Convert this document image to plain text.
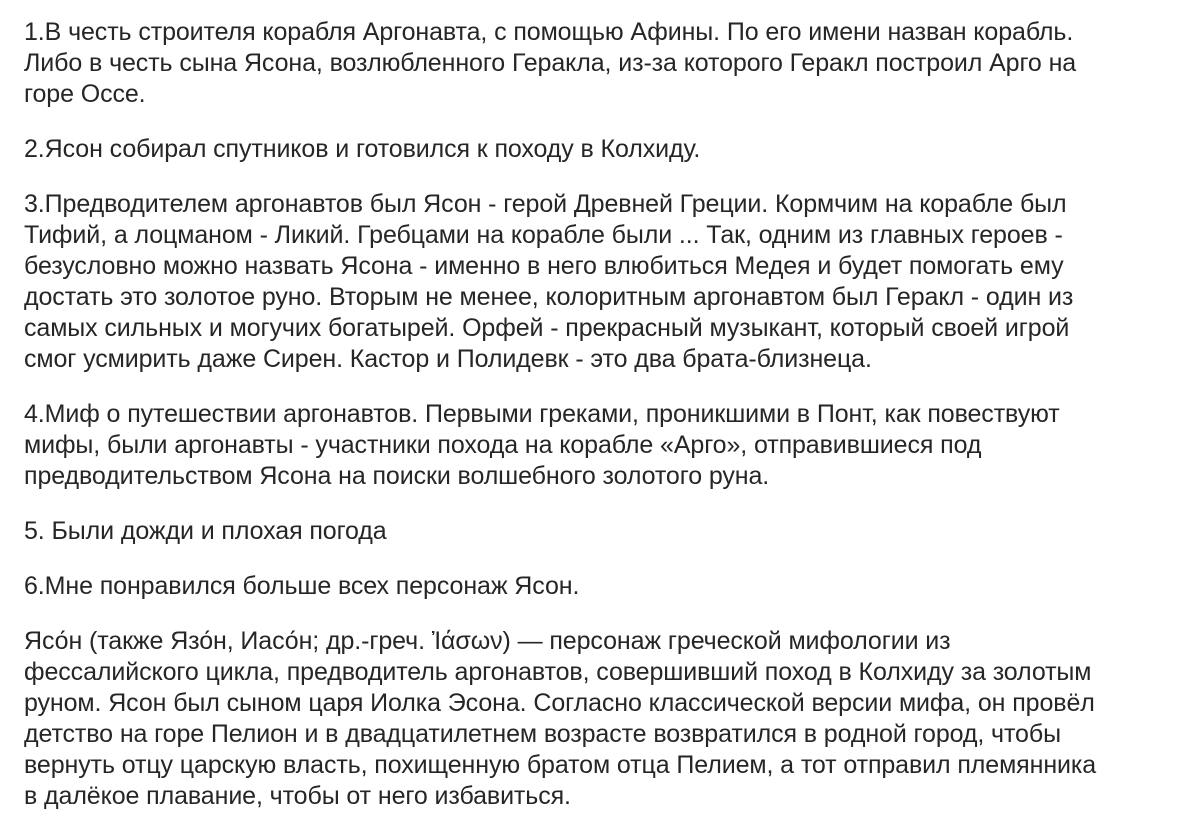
1.В честь строителя корабля Аргонавта, с помощью Афины. По его имени назван корабль.
Либо в честь сына Ясона, возлюбленного Геракла, из-за которого Геракл построил Арго на
горе Оссе.

2.Ясон собирал спутников и готовился к походу в Колхиду.

3.Предводителем аргонавтов был Ясон - герой Древней Греции. Кормчим на корабле был
Тифий, а лоцманом - Ликий. Гребцами на корабле были ... Так, одним из главных героев -
безусловно можно назвать Ясона - именно в него влюбиться Медея и будет помогать ему
достать это золотое руно. Вторым не менее, колоритным аргонавтом был Геракл - один из
самых сильных и могучих богатырей. Орфей - прекрасный музыкант, который своей игрой
смог усмирить даже Сирен. Кастор и Полидевк - это два брата-близнеца.

4.Миф о путешествии аргонавтов. Первыми греками, проникшими в Понт, как повествуют
мифы, были аргонавты - участники похода на корабле «Арго», отправившиеся под
предводительством Ясона на поиски волшебного золотого руна.

5. Были дожди и плохая погода

6.Мне понравился больше всех персонаж Ясон.

Ясо́н (также Язо́н, Иасо́н; др.-греч. Ἰάσων) — персонаж греческой мифологии из
фессалийского цикла, предводитель аргонавтов, совершивший поход в Колхиду за золотым
руном. Ясон был сыном царя Иолка Эсона. Согласно классической версии мифа, он провёл
детство на горе Пелион и в двадцатилетнем возрасте возвратился в родной город, чтобы
вернуть отцу царскую власть, похищенную братом отца Пелием, а тот отправил племянника
в далёкое плавание, чтобы от него избавиться.
